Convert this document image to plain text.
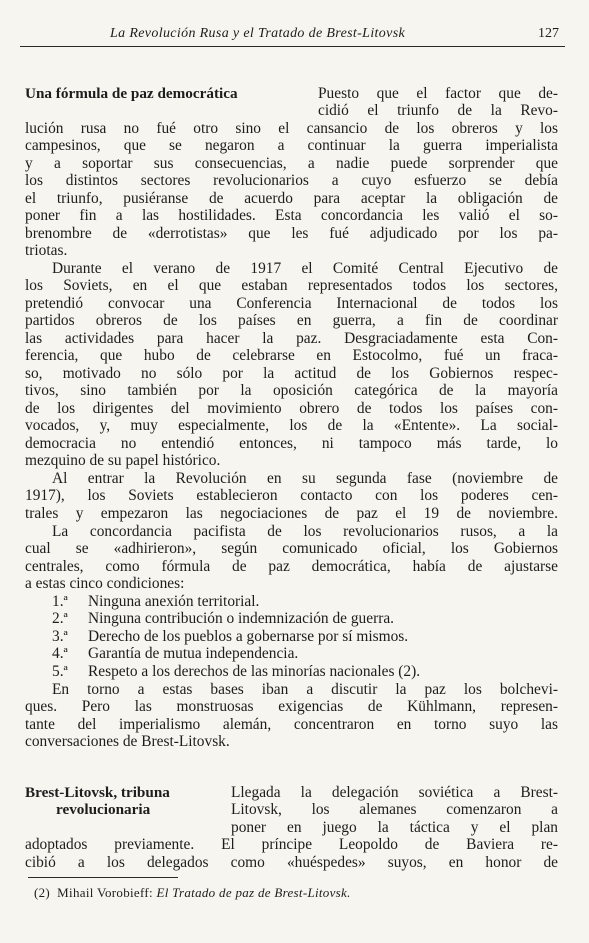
La Revolución Rusa y el Tratado de Brest-Litovsk	127
Una fórmula de paz democrática	Puesto que el factor que de-
cidió el triunfo de la Revo-
lución rusa no fué otro sino el cansancio de los obreros y los
campesinos, que se negaron a continuar la guerra imperialista
y a soportar sus consecuencias, a nadie puede sorprender que
los distintos sectores revolucionarios a cuyo esfuerzo se debía
el triunfo, pusiéranse de acuerdo para aceptar la obligación de
poner fin a las hostilidades. Esta concordancia les valió el so-
brenombre de «derrotistas» que les fué adjudicado por los pa-
triotas.
Durante el verano de 1917 el Comité Central Ejecutivo de
los Soviets, en el que estaban representados todos los sectores,
pretendió convocar una Conferencia Internacional de todos los
partidos obreros de los países en guerra, a fin de coordinar
las actividades para hacer la paz. Desgraciadamente esta Con-
ferencia, que hubo de celebrarse en Estocolmo, fué un fraca-
so, motivado no sólo por la actitud de los Gobiernos respec-
tivos, sino también por la oposición categórica de la mayoría
de los dirigentes del movimiento obrero de todos los países con-
vocados, y, muy especialmente, los de la «Entente». La social-
democracia no entendió entonces, ni tampoco más tarde, lo
mezquino de su papel histórico.
Al entrar la Revolución en su segunda fase (noviembre de
1917), los Soviets establecieron contacto con los poderes cen-
trales y empezaron las negociaciones de paz el 19 de noviembre.
La concordancia pacifista de los revolucionarios rusos, a la
cual se «adhirieron», según comunicado oficial, los Gobiernos
centrales, como fórmula de paz democrática, había de ajustarse
a estas cinco condiciones:
1.ª Ninguna anexión territorial.
2.ª Ninguna contribución o indemnización de guerra.
3.ª Derecho de los pueblos a gobernarse por sí mismos.
4.ª Garantía de mutua independencia.
5.ª Respeto a los derechos de las minorías nacionales (2).
En torno a estas bases iban a discutir la paz los bolchevi-
ques. Pero las monstruosas exigencias de Kühlmann, represen-
tante del imperialismo alemán, concentraron en torno suyo las
conversaciones de Brest-Litovsk.
Brest-Litovsk, tribuna
revolucionaria
Llegada la delegación soviética a Brest-
Litovsk, los alemanes comenzaron a
poner en juego la táctica y el plan
adoptados previamente. El príncipe Leopoldo de Baviera re-
cibió a los delegados como «huéspedes» suyos, en honor de
(2) Mihail Vorobieff: El Tratado de paz de Brest-Litovsk.
